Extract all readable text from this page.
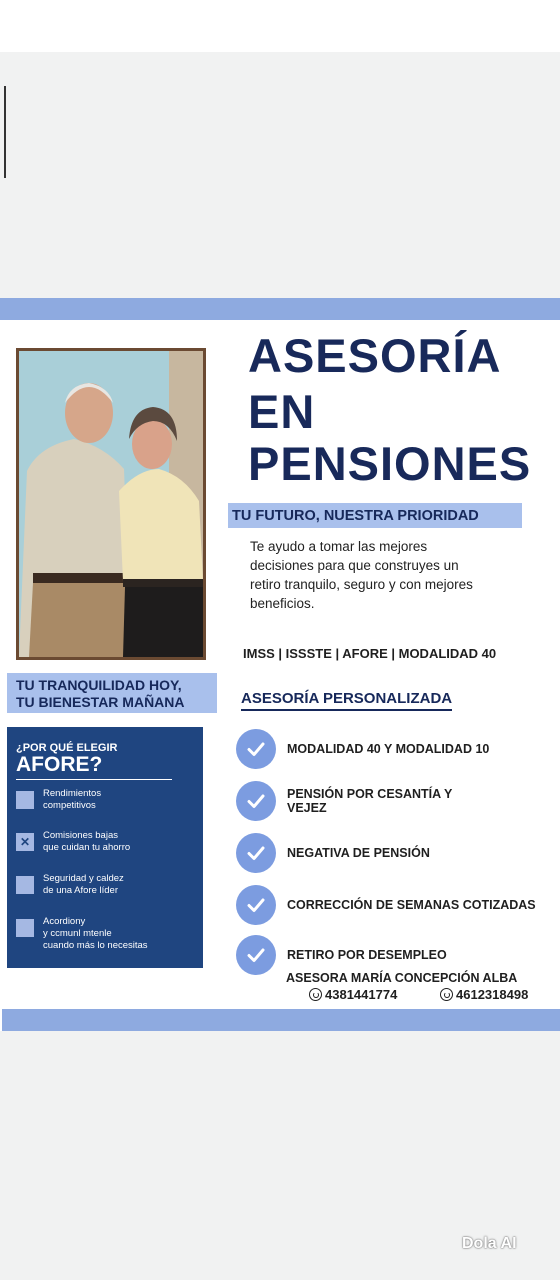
ASESORÍA
EN
PENSIONES
TU FUTURO, NUESTRA PRIORIDAD
Te ayudo a tomar las mejores
decisiones para que construyes un
retiro tranquilo, seguro y con mejores
beneficios.
IMSS | ISSSTE | AFORE | MODALIDAD 40
TU TRANQUILIDAD HOY,
TU BIENESTAR MAÑANA	ASESORÍA PERSONALIZADA
¿POR QUÉ ELEGIR
AFORE?
Rendimientos
competitivos
✕	Comisiones bajas
que cuidan tu ahorro
Seguridad y caldez
de una Afore líder
Acordiony
y ccmunl mtenle
cuando más lo necesitas
MODALIDAD 40 Y MODALIDAD 10
PENSIÓN POR CESANTÍA Y
VEJEZ
NEGATIVA DE PENSIÓN
CORRECCIÓN DE SEMANAS COTIZADAS
RETIRO POR DESEMPLEO
ASESORA MARÍA CONCEPCIÓN ALBA
4381441774	4612318498
Dola AI
